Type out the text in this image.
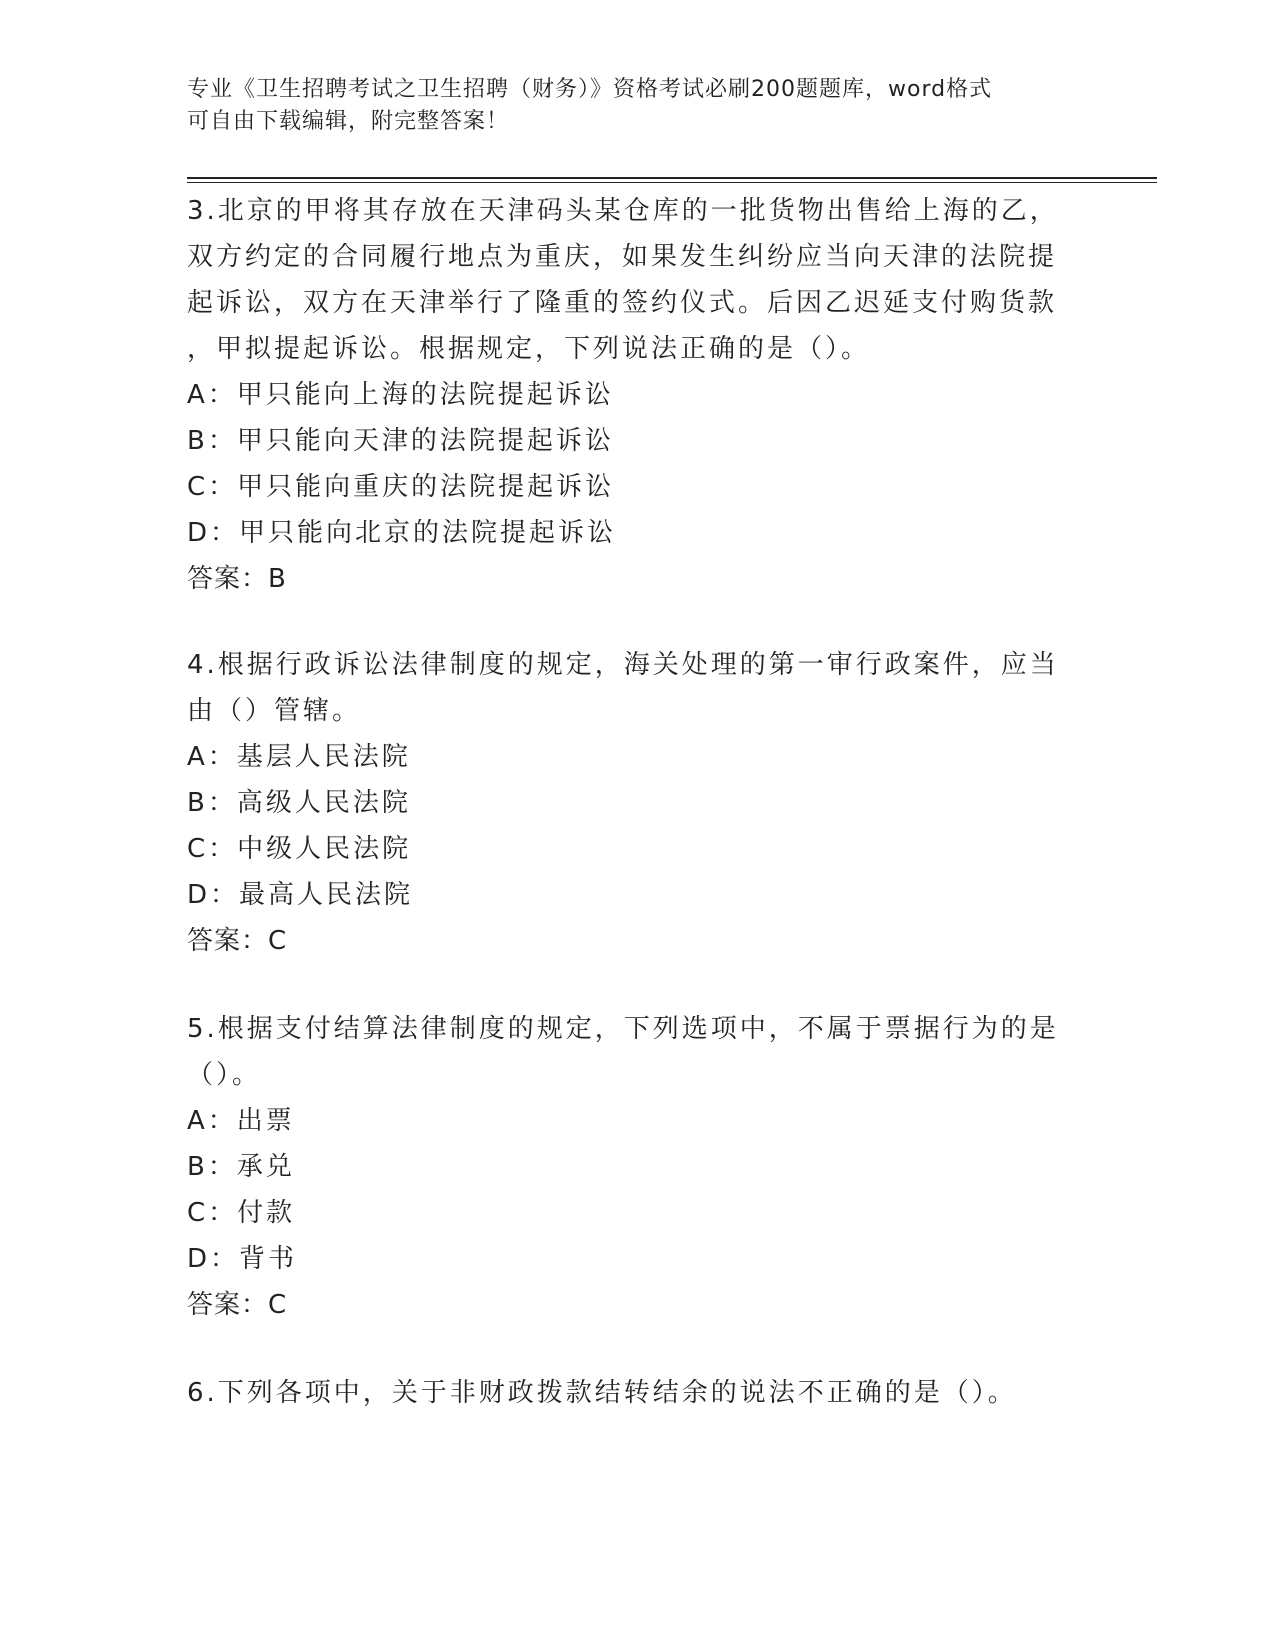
专业《卫生招聘考试之卫生招聘（财务）》资格考试必刷200题题库，word格式
可自由下载编辑，附完整答案！
3.北京的甲将其存放在天津码头某仓库的一批货物出售给上海的乙，
双方约定的合同履行地点为重庆，如果发生纠纷应当向天津的法院提
起诉讼，双方在天津举行了隆重的签约仪式。后因乙迟延支付购货款
，甲拟提起诉讼。根据规定，下列说法正确的是（）。
A：甲只能向上海的法院提起诉讼
B：甲只能向天津的法院提起诉讼
C：甲只能向重庆的法院提起诉讼
D：甲只能向北京的法院提起诉讼
答案：B
4.根据行政诉讼法律制度的规定，海关处理的第一审行政案件，应当
由（）管辖。
A：基层人民法院
B：高级人民法院
C：中级人民法院
D：最高人民法院
答案：C
5.根据支付结算法律制度的规定，下列选项中，不属于票据行为的是
（）。
A：出票
B：承兑
C：付款
D：背书
答案：C
6.下列各项中，关于非财政拨款结转结余的说法不正确的是（）。
